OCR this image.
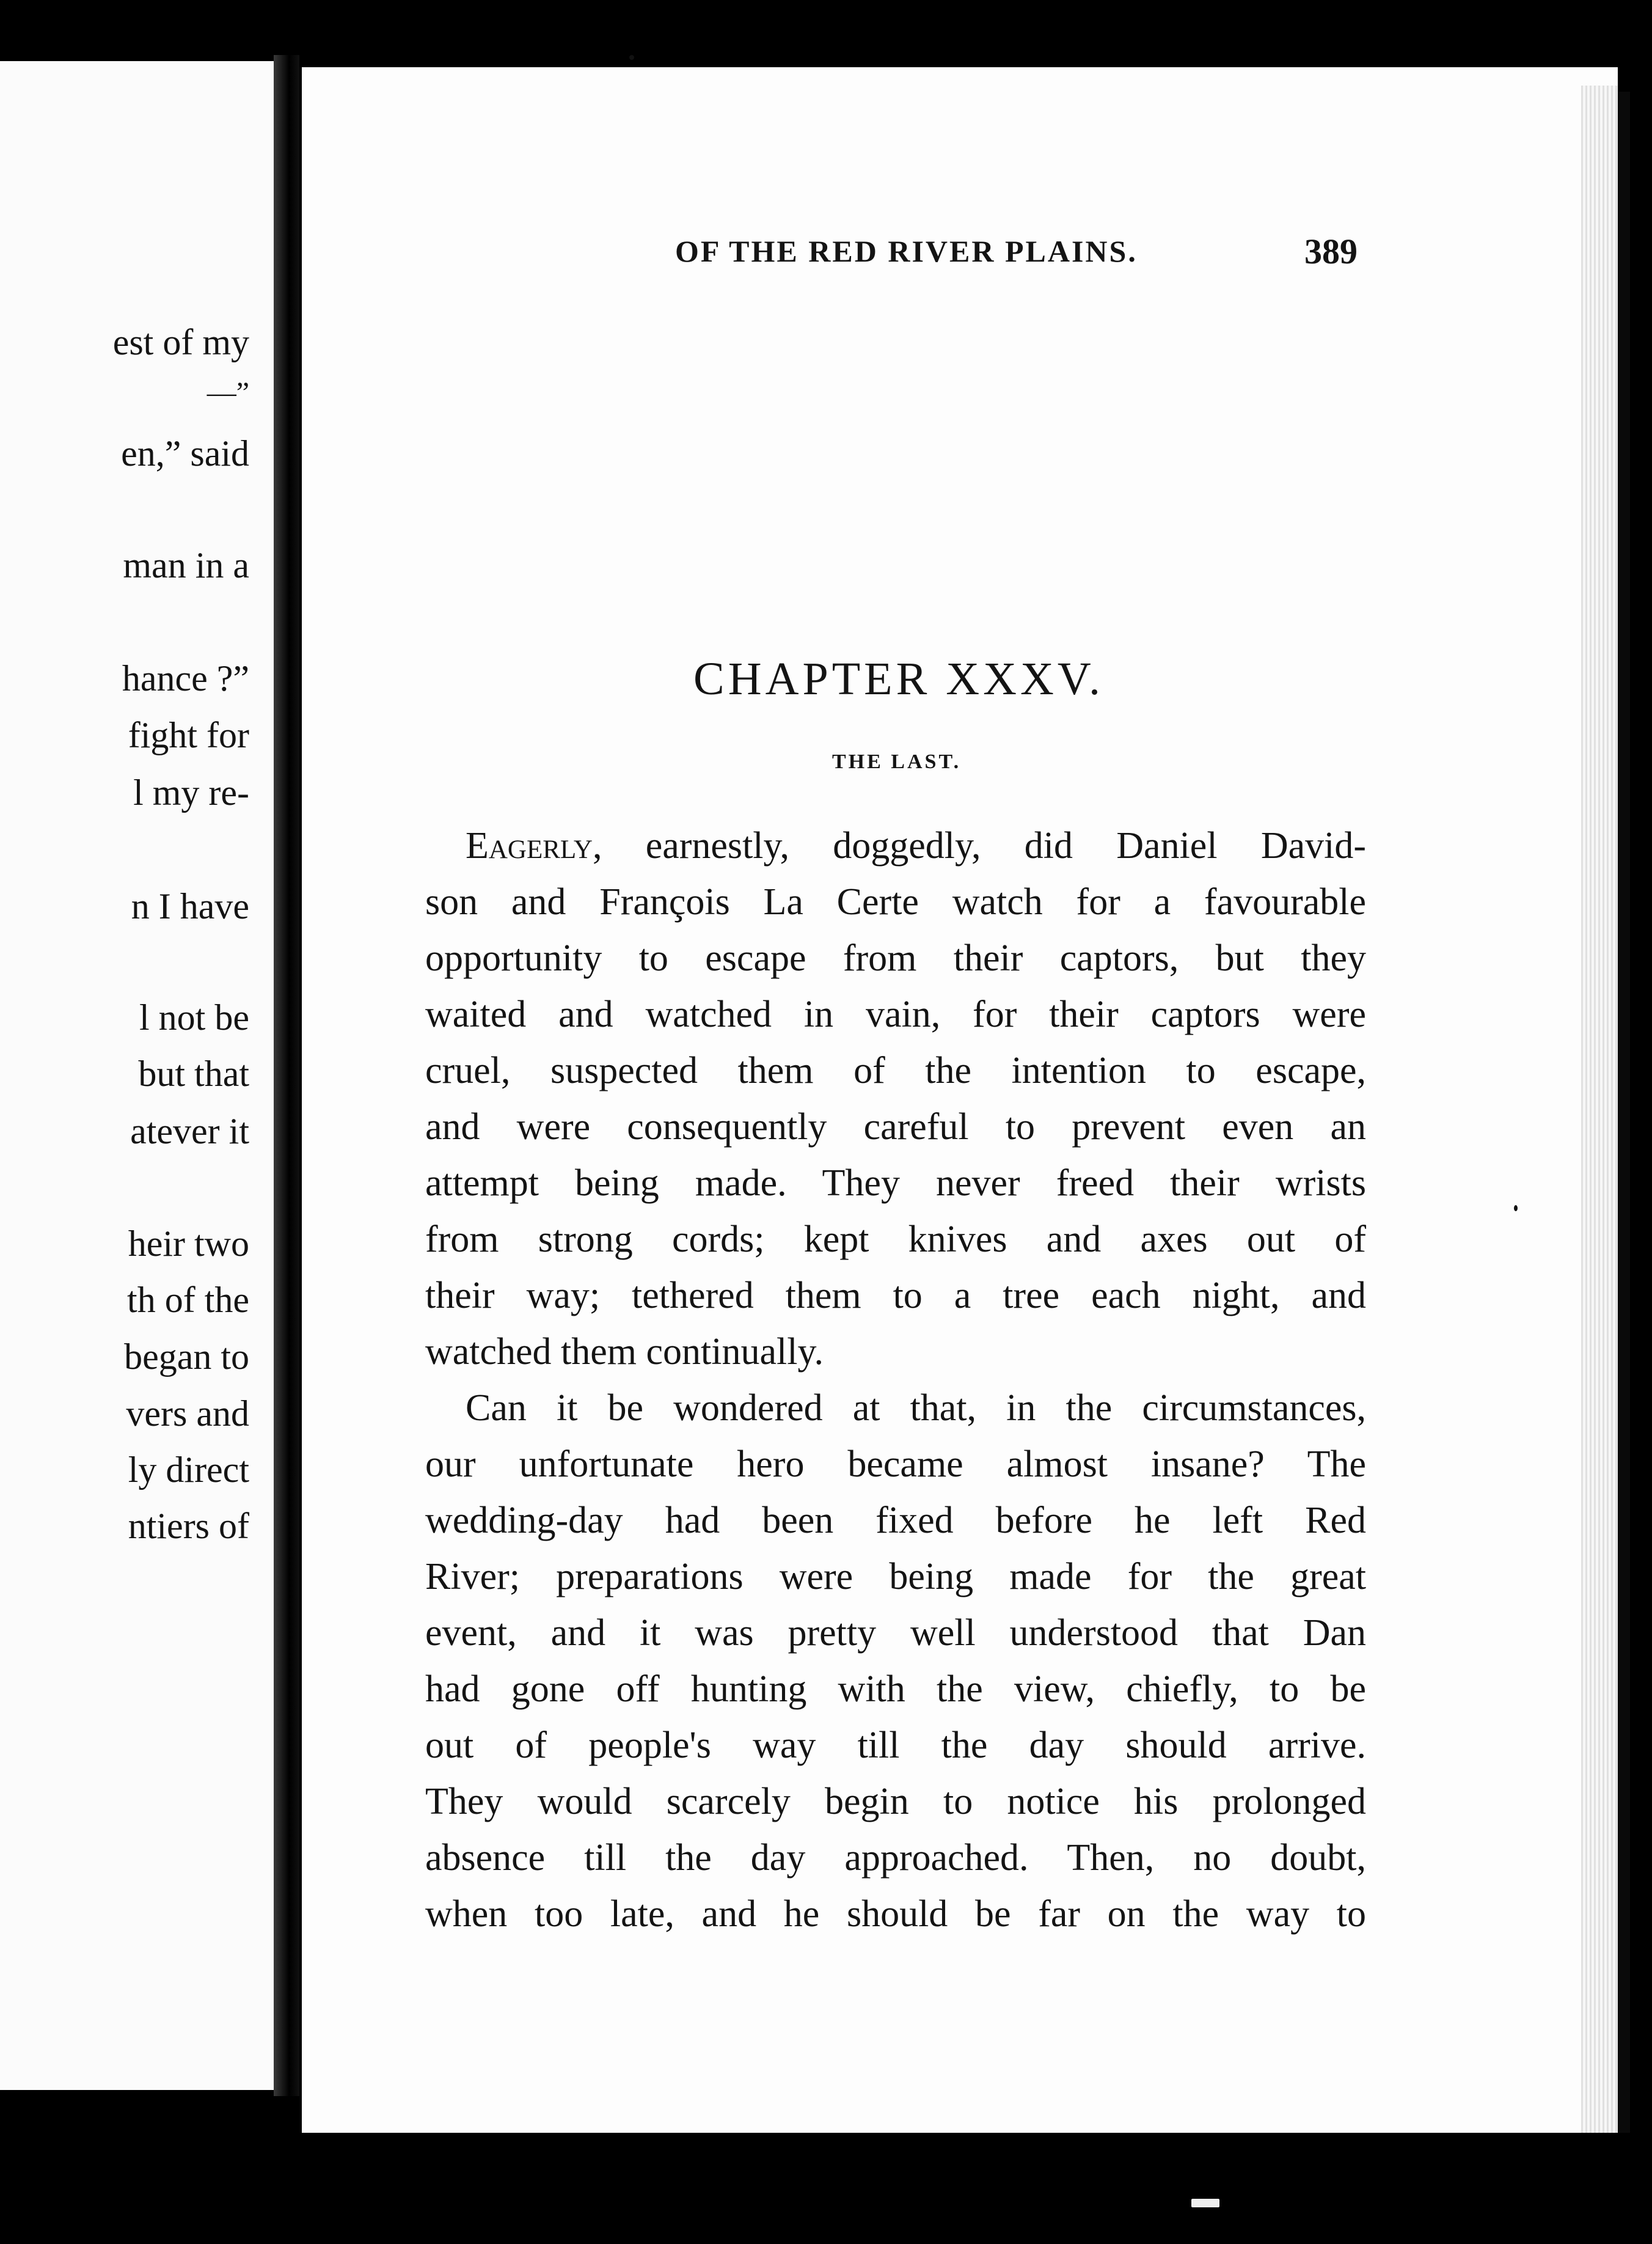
est of my
—”
en,” said
man in a
hance ?”
fight for
l my re-
n I have
l not be
but that
atever it
heir two
th of the
began to
vers and
ly direct
ntiers of
OF THE RED RIVER PLAINS.	389
CHAPTER XXXV.
THE LAST.
Eagerly, earnestly, doggedly, did Daniel David-
son and François La Certe watch for a favourable
opportunity to escape from their captors, but they
waited and watched in vain, for their captors were
cruel, suspected them of the intention to escape,
and were consequently careful to prevent even an
attempt being made. They never freed their wrists
from strong cords; kept knives and axes out of
their way; tethered them to a tree each night, and
watched them continually.
Can it be wondered at that, in the circumstances,
our unfortunate hero became almost insane? The
wedding-day had been fixed before he left Red
River; preparations were being made for the great
event, and it was pretty well understood that Dan
had gone off hunting with the view, chiefly, to be
out of people's way till the day should arrive.
They would scarcely begin to notice his prolonged
absence till the day approached. Then, no doubt,
when too late, and he should be far on the way to
